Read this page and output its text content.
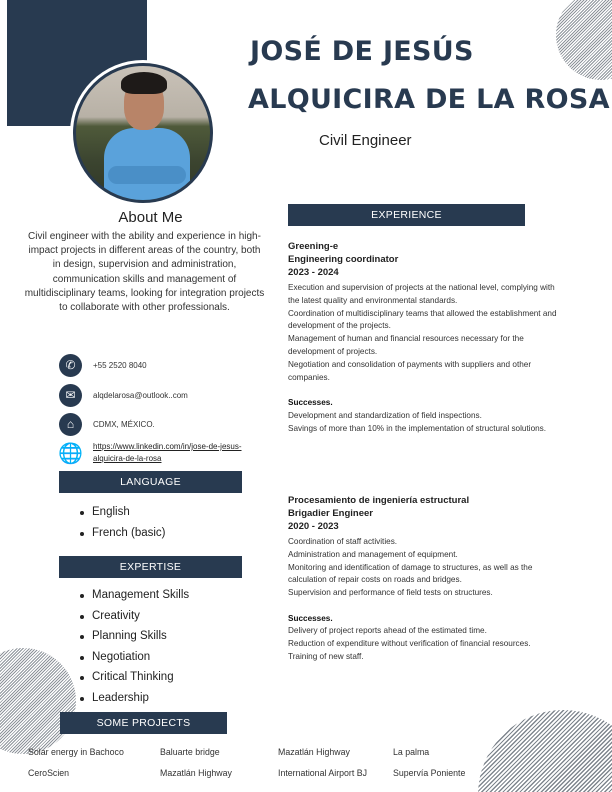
JOSÉ DE JESÚS
ALQUICIRA DE LA ROSA
Civil Engineer
About Me
Civil engineer with the ability and experience in high-impact projects in different areas of the country, both in design, supervision and administration, communication skills and management of multidisciplinary teams, looking for integration projects to collaborate with other professionals.
✆	+55 2520 8040
✉	alqdelarosa@outlook..com
⌂	CDMX, MÉXICO.
🌐 https://www.linkedin.com/in/jose-de-jesus-alquicira-de-la-rosa
LANGUAGE
English
French (basic)
EXPERTISE
Management Skills
Creativity
Planning Skills
Negotiation
Critical Thinking
Leadership
SOME PROJECTS
Solar energy in Bachoco	Baluarte bridge	Mazatlán Highway	La palma
CeroScien	Mazatlán Highway	International Airport BJ	Supervía Poniente
EXPERIENCE
Greening-e
Engineering coordinator
2023 - 2024
Execution and supervision of projects at the national level, complying with the latest quality and environmental standards.
Coordination of multidisciplinary teams that allowed the establishment and development of the projects.
Management of human and financial resources necessary for the development of projects.
Negotiation and consolidation of payments with suppliers and other companies.
Successes.
Development and standardization of field inspections.
Savings of more than 10% in the implementation of structural solutions.
Procesamiento de ingeniería estructural
Brigadier Engineer
2020 - 2023
Coordination of staff activities.
Administration and management of equipment.
Monitoring and identification of damage to structures, as well as the calculation of repair costs on roads and bridges.
Supervision and performance of field tests on structures.
Successes.
Delivery of project reports ahead of the estimated time.
Reduction of expenditure without verification of financial resources.
Training of new staff.
